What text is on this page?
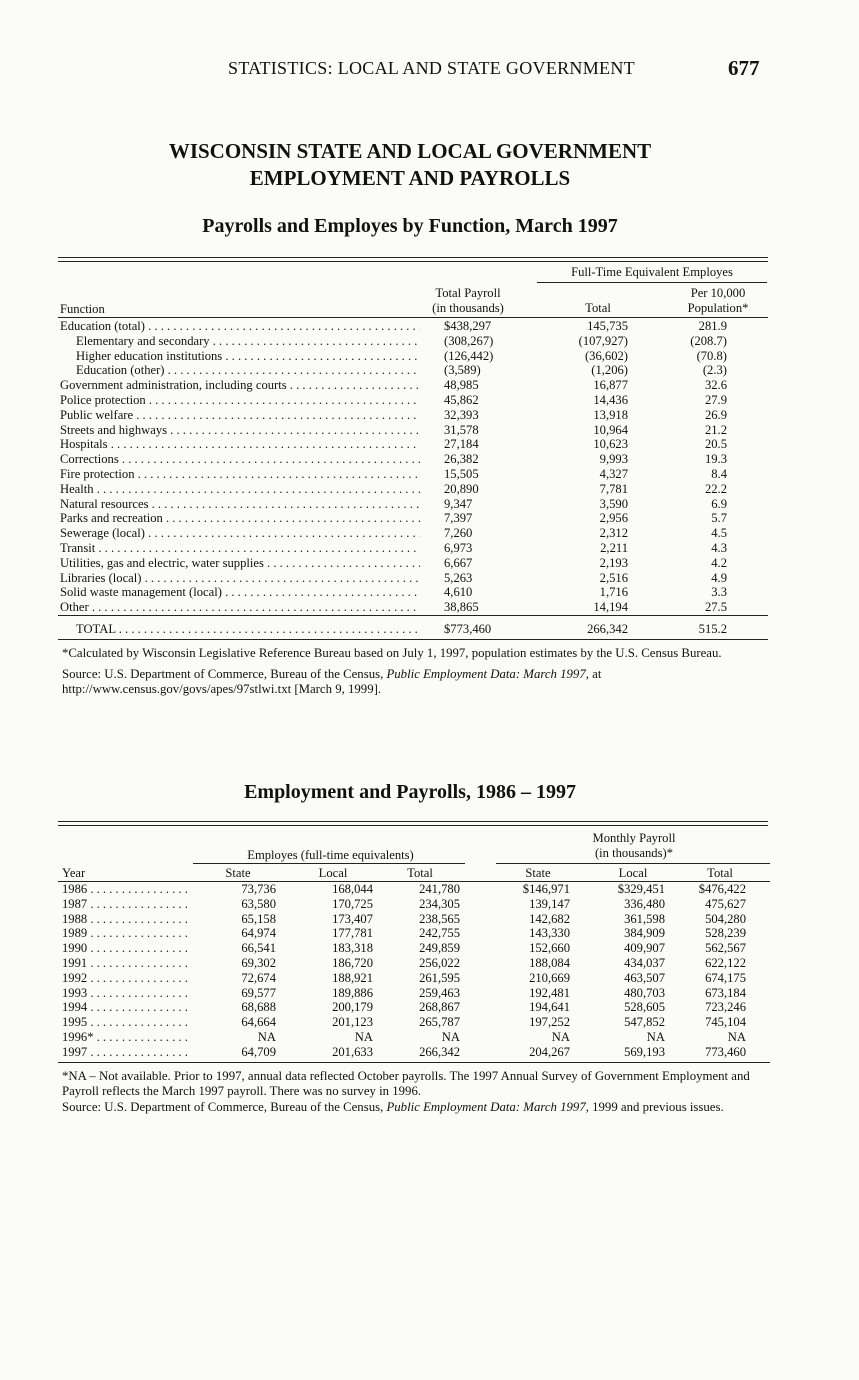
STATISTICS: LOCAL AND STATE GOVERNMENT	677
WISCONSIN STATE AND LOCAL GOVERNMENT
EMPLOYMENT AND PAYROLLS
Payrolls and Employes by Function, March 1997
Full-Time Equivalent Employes
Function
Total Payroll
(in thousands)	Total
Per 10,000
Population*
Education (total) . . .	$438,297	145,735	281.9
Elementary and secondary . . .	(308,267)	(107,927)	(208.7)
Higher education institutions . . .	(126,442)	(36,602)	(70.8)
Education (other) . . .	(3,589)	(1,206)	(2.3)
Government administration, including courts . . .	48,985	16,877	32.6
Police protection . . .	45,862	14,436	27.9
Public welfare . . .	32,393	13,918	26.9
Streets and highways . . .	31,578	10,964	21.2
Hospitals . . .	27,184	10,623	20.5
Corrections . . .	26,382	9,993	19.3
Fire protection . . .	15,505	4,327	8.4
Health . . .	20,890	7,781	22.2
Natural resources . . .	9,347	3,590	6.9
Parks and recreation . . .	7,397	2,956	5.7
Sewerage (local) . . .	7,260	2,312	4.5
Transit . . .	6,973	2,211	4.3
Utilities, gas and electric, water supplies . . .	6,667	2,193	4.2
Libraries (local) . . .	5,263	2,516	4.9
Solid waste management (local) . . .	4,610	1,716	3.3
Other . . .	38,865	14,194	27.5
TOTAL . . .	$773,460	266,342	515.2
*Calculated by Wisconsin Legislative Reference Bureau based on July 1, 1997, population estimates by the U.S. Census Bureau.
Source: U.S. Department of Commerce, Bureau of the Census, Public Employment Data: March 1997, at http://www.census.gov/govs/apes/97stlwi.txt [March 9, 1999].
Employment and Payrolls, 1986 – 1997
Employes (full-time equivalents)
Monthly Payroll
(in thousands)*
Year	State	Local	Total	State	Local	Total
1986 . . .	73,736	168,044	241,780	$146,971	$329,451	$476,422
1987 . . .	63,580	170,725	234,305	139,147	336,480	475,627
1988 . . .	65,158	173,407	238,565	142,682	361,598	504,280
1989 . . .	64,974	177,781	242,755	143,330	384,909	528,239
1990 . . .	66,541	183,318	249,859	152,660	409,907	562,567
1991 . . .	69,302	186,720	256,022	188,084	434,037	622,122
1992 . . .	72,674	188,921	261,595	210,669	463,507	674,175
1993 . . .	69,577	189,886	259,463	192,481	480,703	673,184
1994 . . .	68,688	200,179	268,867	194,641	528,605	723,246
1995 . . .	64,664	201,123	265,787	197,252	547,852	745,104
1996* . . .	NA	NA	NA	NA	NA	NA
1997 . . .	64,709	201,633	266,342	204,267	569,193	773,460
*NA – Not available. Prior to 1997, annual data reflected October payrolls. The 1997 Annual Survey of Government Employment and Payroll reflects the March 1997 payroll. There was no survey in 1996.
Source: U.S. Department of Commerce, Bureau of the Census, Public Employment Data: March 1997, 1999 and previous issues.
